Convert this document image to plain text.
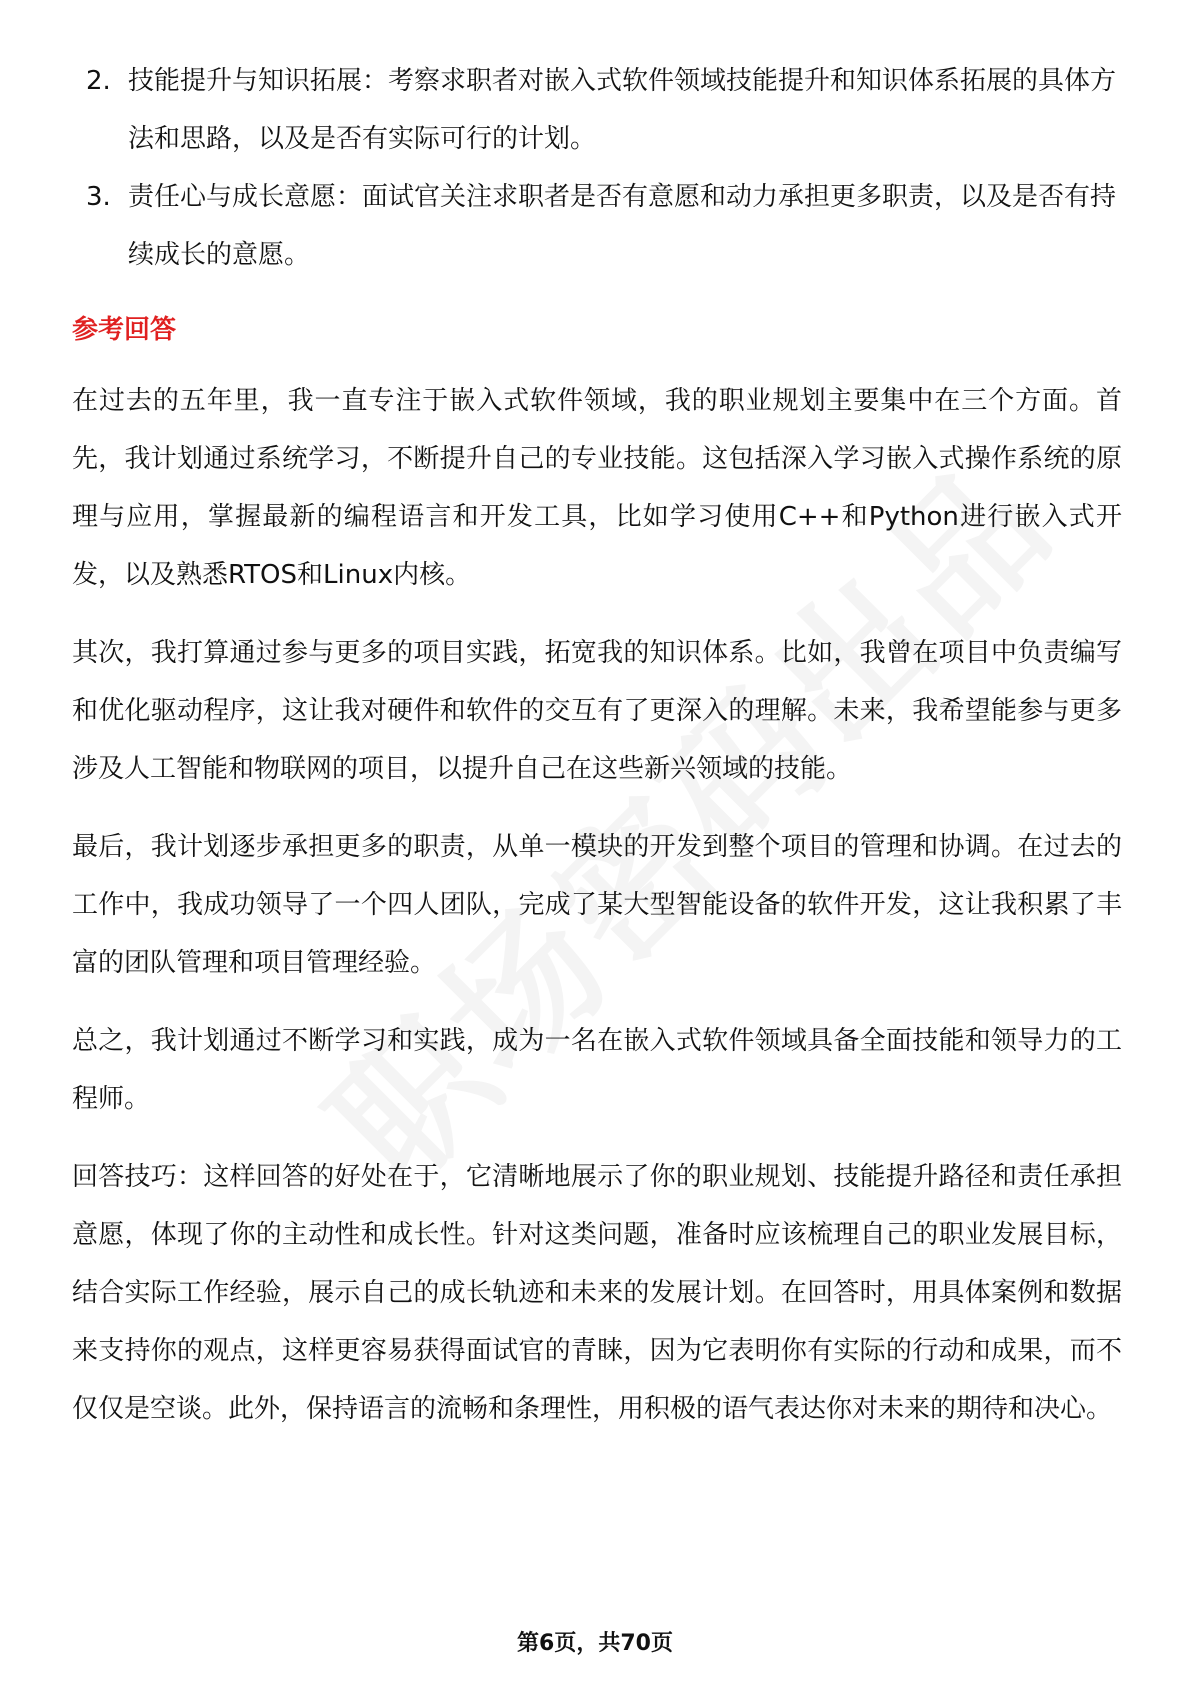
2. 技能提升与知识拓展：考察求职者对嵌入式软件领域技能提升和知识体系拓展的具体方法和思路，以及是否有实际可行的计划。
3. 责任心与成长意愿：面试官关注求职者是否有意愿和动力承担更多职责，以及是否有持续成长的意愿。
参考回答

在过去的五年里，我一直专注于嵌入式软件领域，我的职业规划主要集中在三个方面。首先，我计划通过系统学习，不断提升自己的专业技能。这包括深入学习嵌入式操作系统的原理与应用，掌握最新的编程语言和开发工具，比如学习使用C++和Python进行嵌入式开发，以及熟悉RTOS和Linux内核。

其次，我打算通过参与更多的项目实践，拓宽我的知识体系。比如，我曾在项目中负责编写和优化驱动程序，这让我对硬件和软件的交互有了更深入的理解。未来，我希望能参与更多涉及人工智能和物联网的项目，以提升自己在这些新兴领域的技能。

最后，我计划逐步承担更多的职责，从单一模块的开发到整个项目的管理和协调。在过去的工作中，我成功领导了一个四人团队，完成了某大型智能设备的软件开发，这让我积累了丰富的团队管理和项目管理经验。

总之，我计划通过不断学习和实践，成为一名在嵌入式软件领域具备全面技能和领导力的工程师。

回答技巧：这样回答的好处在于，它清晰地展示了你的职业规划、技能提升路径和责任承担意愿，体现了你的主动性和成长性。针对这类问题，准备时应该梳理自己的职业发展目标，结合实际工作经验，展示自己的成长轨迹和未来的发展计划。在回答时，用具体案例和数据来支持你的观点，这样更容易获得面试官的青睐，因为它表明你有实际的行动和成果，而不仅仅是空谈。此外，保持语言的流畅和条理性，用积极的语气表达你对未来的期待和决心。

第6页，共70页
